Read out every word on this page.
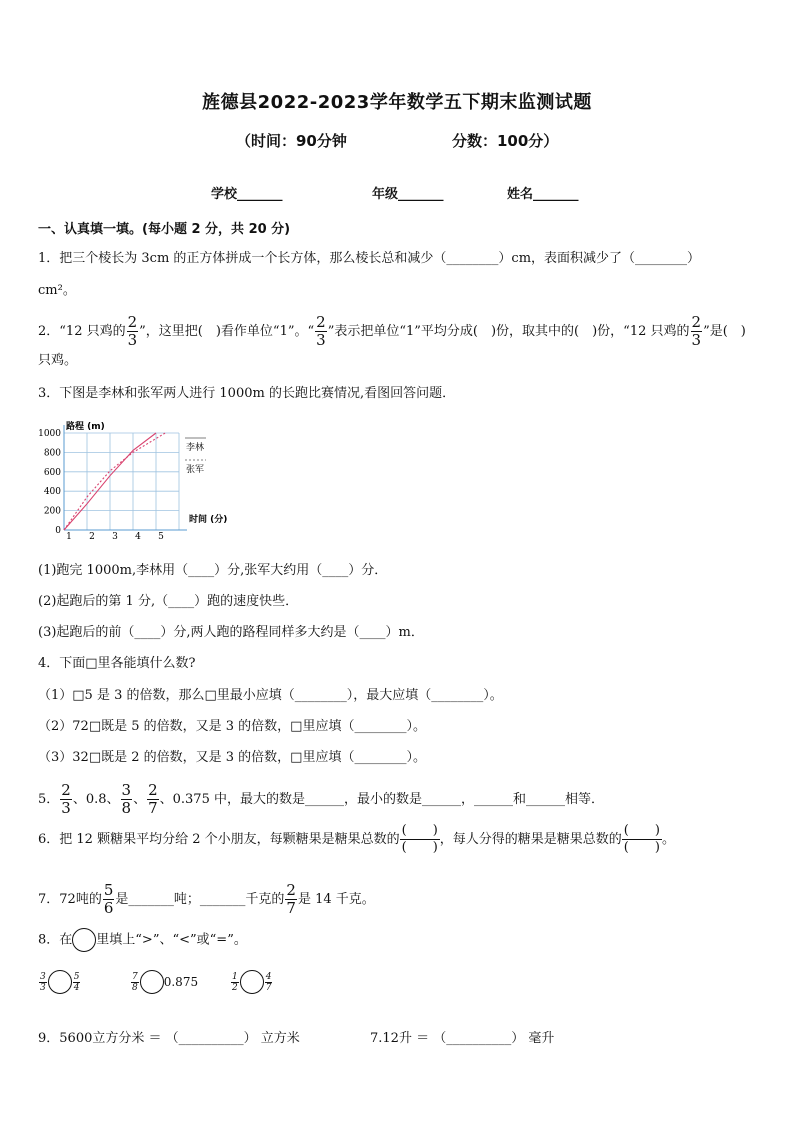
旌德县2022-2023学年数学五下期末监测试题
（时间：90分钟	分数：100分）
学校_______	年级_______	姓名_______
一、认真填一填。(每小题 2 分，共 20 分)
1．把三个棱长为 3cm 的正方体拼成一个长方体，那么棱长总和减少（________）cm，表面积减少了（________）
cm²。
2．“12 只鸡的 $\frac{2}{3}$ ”，这里把(　)看作单位“1”。“ $\frac{2}{3}$ ”表示把单位“1”平均分成(　)份，取其中的(　)份，“12 只鸡的 $\frac{2}{3}$ ”是(　)
只鸡。
3．下图是李林和张军两人进行 1000m 的长跑比赛情况,看图回答问题．
0
200
400
600
800
1000
1 2 3 4 5
路程 (m)
时间 (分)
李林
张军
(1)跑完 1000m,李林用（____）分,张军大约用（____）分．
(2)起跑后的第 1 分,（____）跑的速度快些．
(3)起跑后的前（____）分,两人跑的路程同样多大约是（____）m．
4．下面□里各能填什么数?
（1）□5 是 3 的倍数，那么□里最小应填（________），最大应填（________）。
（2）72□既是 5 的倍数，又是 3 的倍数，□里应填（________）。
（3）32□既是 2 的倍数，又是 3 的倍数，□里应填（________）。
5． $\frac{2}{3}$ 、0.8、 $\frac{3}{8}$ 、 $\frac{2}{7}$ 、0.375 中，最大的数是______，最小的数是______，______和______相等．
6．把 12 颗糖果平均分给 2 个小朋友，每颗糖果是糖果总数的 $\frac{( )}{( )}$ ，每人分得的糖果是糖果总数的 $\frac{( )}{( )}$ 。
7．72吨的 $\frac{5}{6}$ 是_______吨；_______千克的 $\frac{2}{7}$ 是 14 千克。
8．在 里填上“>”、“<”或“=”。
$\frac{3}{3}$	$\frac{5}{4}$	$\frac{7}{8} 0.875$	$\frac{1}{2}$	$\frac{4}{7}$
9．5600立方分米 ＝ （__________） 立方米	7.12升 ＝ （__________） 毫升
